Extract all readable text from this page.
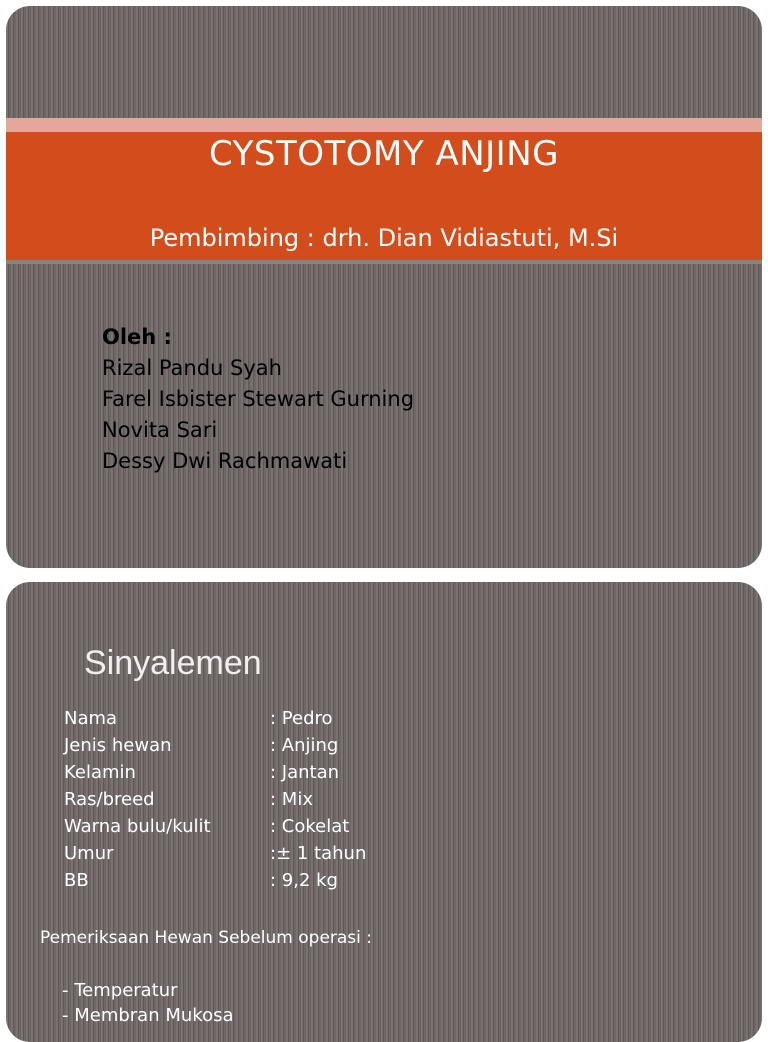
CYSTOTOMY ANJING
Pembimbing : drh. Dian Vidiastuti, M.Si
Oleh :
Rizal Pandu Syah
Farel Isbister Stewart Gurning
Novita Sari
Dessy Dwi Rachmawati
Sinyalemen
Nama	: Pedro
Jenis hewan	: Anjing
Kelamin	: Jantan
Ras/breed	: Mix
Warna bulu/kulit	: Cokelat
Umur	:± 1 tahun
BB	: 9,2 kg
Pemeriksaan Hewan Sebelum operasi :
- Temperatur
- Membran Mukosa
